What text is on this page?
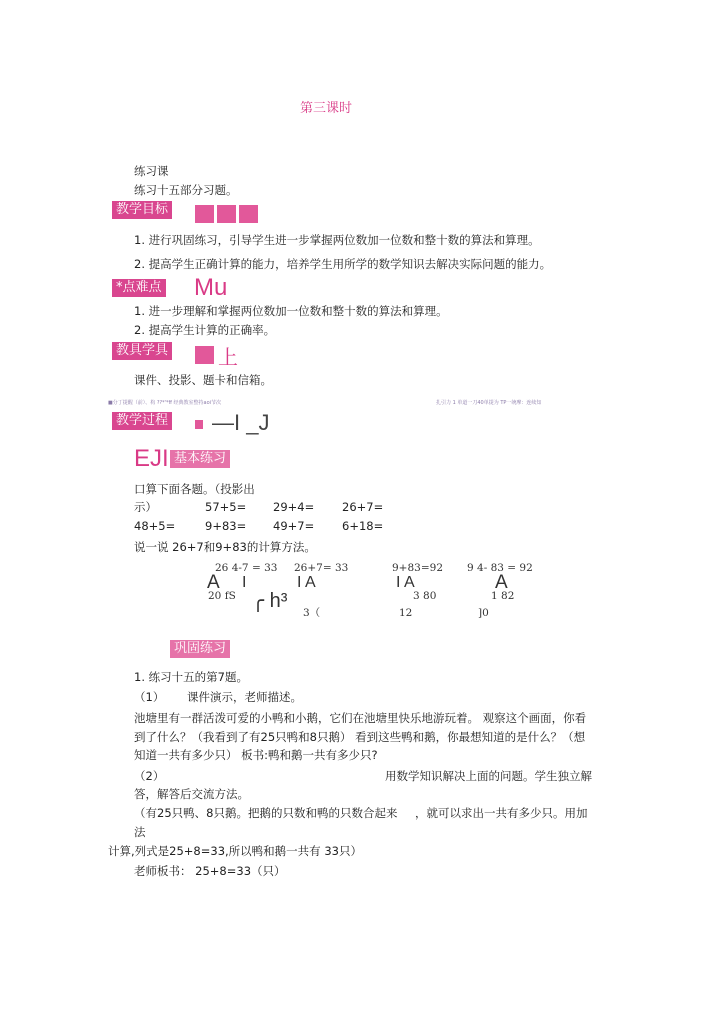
第三课时
练习课
练习十五部分习题。
教学目标
1. 进行巩固练习，引导学生进一步掌握两位数加一位数和整十数的算法和算理。
2. 提高学生正确计算的能力，培养学生用所学的数学知识去解决实际问题的能力。
*点难点 Mu
1. 进一步理解和掌握两位数加一位数和整十数的算法和算理。
2. 提高学生计算的正确率。
教具学具 上
课件、投影、题卡和信箱。
■分丁提醒（前）、构 ??*'*ff 经典教室整持aoi节次	扎引力 1 单道一刀40单提为 TP一统摩：连续知
教学过程 —I _J
EJI 基本练习
口算下面各题。（投影出
示）	57+5= 29+4= 26+7=
48+5=	9+83= 49+7= 6+18=
说一说 26+7和9+83的计算方法。
26 4-7 = 33 26+7= 33	9+83=92 9 4- 83 = 92
A I	I A	I A	A
20 fS ╭ h³
3（
3 80	1 82
12	]0
巩固练习
1. 练习十五的第7题。
（1） 课件演示，老师描述。
池塘里有一群活泼可爱的小鸭和小鹅，它们在池塘里快乐地游玩着。 观察这个画面，你看
到了什么？（我看到了有25只鸭和8只鹅） 看到这些鸭和鹅，你最想知道的是什么？（想
知道一共有多少只） 板书:鸭和鹅一共有多少只?
（2）	用数学知识解决上面的问题。学生独立解
答，解答后交流方法。
（有25只鸭、8只鹅。把鹅的只数和鸭的只数合起来 ，就可以求出一共有多少只。用加
法
计算,列式是25+8=33,所以鸭和鹅一共有 33只）
老师板书： 25+8=33（只）
